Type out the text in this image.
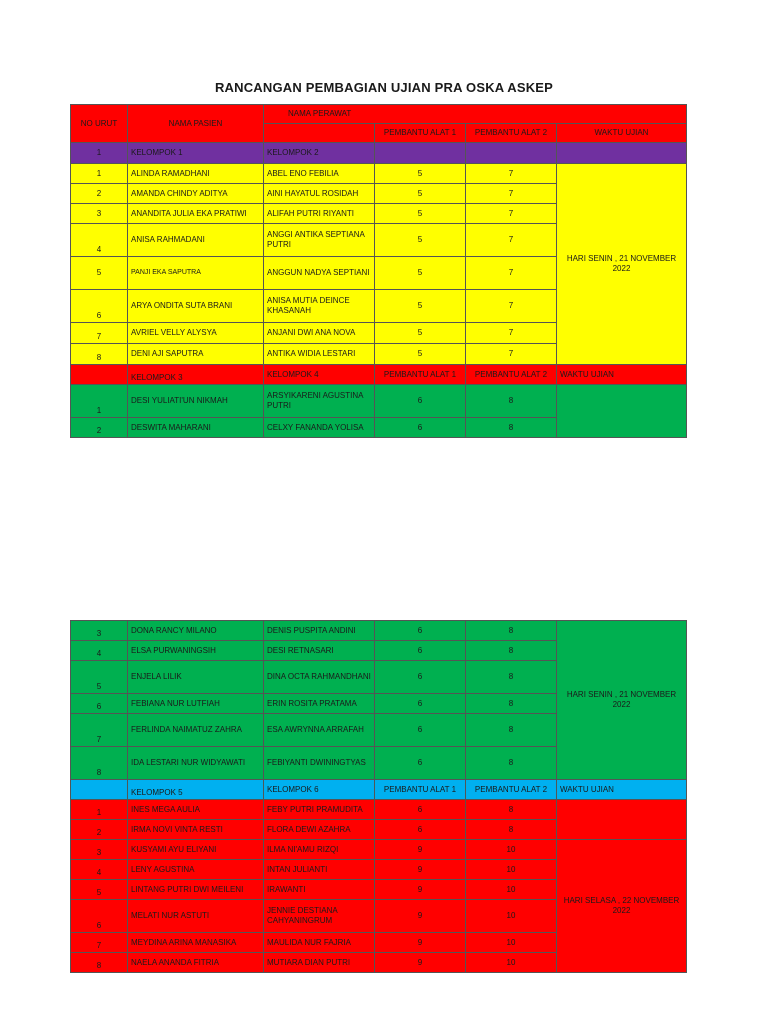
RANCANGAN PEMBAGIAN UJIAN PRA OSKA ASKEP
NO URUT	NAMA PASIEN	NAMA PERAWAT			
			PEMBANTU ALAT 1	PEMBANTU ALAT 2	WAKTU UJIAN
1	KELOMPOK 1	KELOMPOK 2			
1	ALINDA RAMADHANI	ABEL ENO FEBILIA	5	7	HARI SENIN , 21 NOVEMBER 2022
2	AMANDA CHINDY ADITYA	AINI HAYATUL ROSIDAH	5	7	
3	ANANDITA JULIA EKA PRATIWI	ALIFAH PUTRI RIYANTI	5	7	
4	ANISA RAHMADANI	ANGGI ANTIKA SEPTIANA PUTRI	5	7	
5	PANJI EKA SAPUTRA	ANGGUN NADYA SEPTIANI	5	7	
6	ARYA ONDITA SUTA BRANI	ANISA MUTIA DEINCE KHASANAH	5	7	
7	AVRIEL VELLY ALYSYA	ANJANI DWI ANA NOVA	5	7	
8	DENI AJI SAPUTRA	ANTIKA WIDIA LESTARI	5	7	
	KELOMPOK 3	KELOMPOK 4	PEMBANTU ALAT 1	PEMBANTU ALAT 2	WAKTU UJIAN
1	DESI YULIATI'UN NIKMAH	ARSYIKARENI AGUSTINA PUTRI	6	8	
2	DESWITA MAHARANI	CELXY FANANDA YOLISA	6	8	
3	DONA RANCY MILANO	DENIS PUSPITA ANDINI	6	8	HARI SENIN , 21 NOVEMBER 2022
4	ELSA PURWANINGSIH	DESI RETNASARI	6	8	
5	ENJELA LILIK	DINA OCTA RAHMANDHANI	6	8	
6	FEBIANA NUR LUTFIAH	ERIN ROSITA PRATAMA	6	8	
7	FERLINDA NAIMATUZ ZAHRA	ESA AWRYNNA ARRAFAH	6	8	
8	IDA LESTARI NUR WIDYAWATI	FEBIYANTI DWININGTYAS	6	8	
	KELOMPOK 5	KELOMPOK 6	PEMBANTU ALAT 1	PEMBANTU ALAT 2	WAKTU UJIAN
1	INES MEGA AULIA	FEBY PUTRI PRAMUDITA	6	8	
2	IRMA NOVI VINTA RESTI	FLORA DEWI AZAHRA	6	8	
3	KUSYAMI AYU ELIYANI	ILMA NI'AMU RIZQI	9	10	HARI SELASA , 22 NOVEMBER 2022
4	LENY AGUSTINA	INTAN JULIANTI	9	10	
5	LINTANG PUTRI DWI MEILENI	IRAWANTI	9	10	
6	MELATI NUR ASTUTI	JENNIE DESTIANA CAHYANINGRUM	9	10	
7	MEYDINA ARINA MANASIKA	MAULIDA NUR FAJRIA	9	10	
8	NAELA ANANDA FITRIA	MUTIARA DIAN PUTRI	9	10	
